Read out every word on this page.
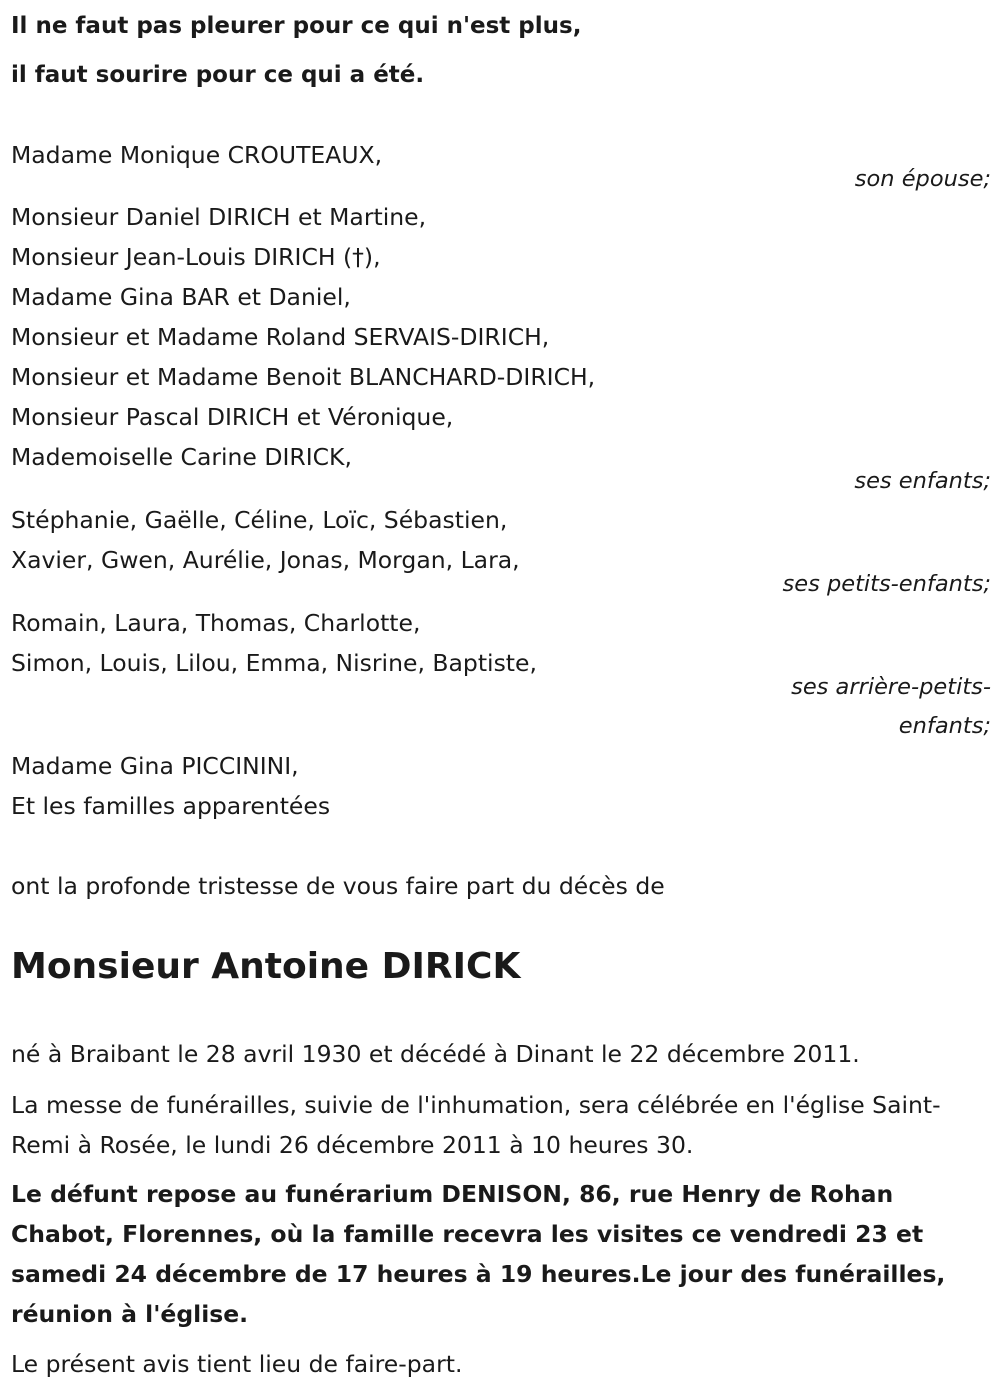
Il ne faut pas pleurer pour ce qui n'est plus,
il faut sourire pour ce qui a été.
Madame Monique CROUTEAUX,
son épouse;
Monsieur Daniel DIRICH et Martine,
Monsieur Jean-Louis DIRICH (†),
Madame Gina BAR et Daniel,
Monsieur et Madame Roland SERVAIS-DIRICH,
Monsieur et Madame Benoit BLANCHARD-DIRICH,
Monsieur Pascal DIRICH et Véronique,
Mademoiselle Carine DIRICK,
ses enfants;
Stéphanie, Gaëlle, Céline, Loïc, Sébastien,
Xavier, Gwen, Aurélie, Jonas, Morgan, Lara,
ses petits-enfants;
Romain, Laura, Thomas, Charlotte,
Simon, Louis, Lilou, Emma, Nisrine, Baptiste,
ses arrière-petits-
enfants;
Madame Gina PICCININI,
Et les familles apparentées
ont la profonde tristesse de vous faire part du décès de
Monsieur Antoine DIRICK
né à Braibant le 28 avril 1930 et décédé à Dinant le 22 décembre 2011.
La messe de funérailles, suivie de l'inhumation, sera célébrée en l'église Saint-Remi à Rosée, le lundi 26 décembre 2011 à 10 heures 30.
Le défunt repose au funérarium DENISON, 86, rue Henry de Rohan Chabot, Florennes, où la famille recevra les visites ce vendredi 23 et samedi 24 décembre de 17 heures à 19 heures.Le jour des funérailles, réunion à l'église.
Le présent avis tient lieu de faire-part.
